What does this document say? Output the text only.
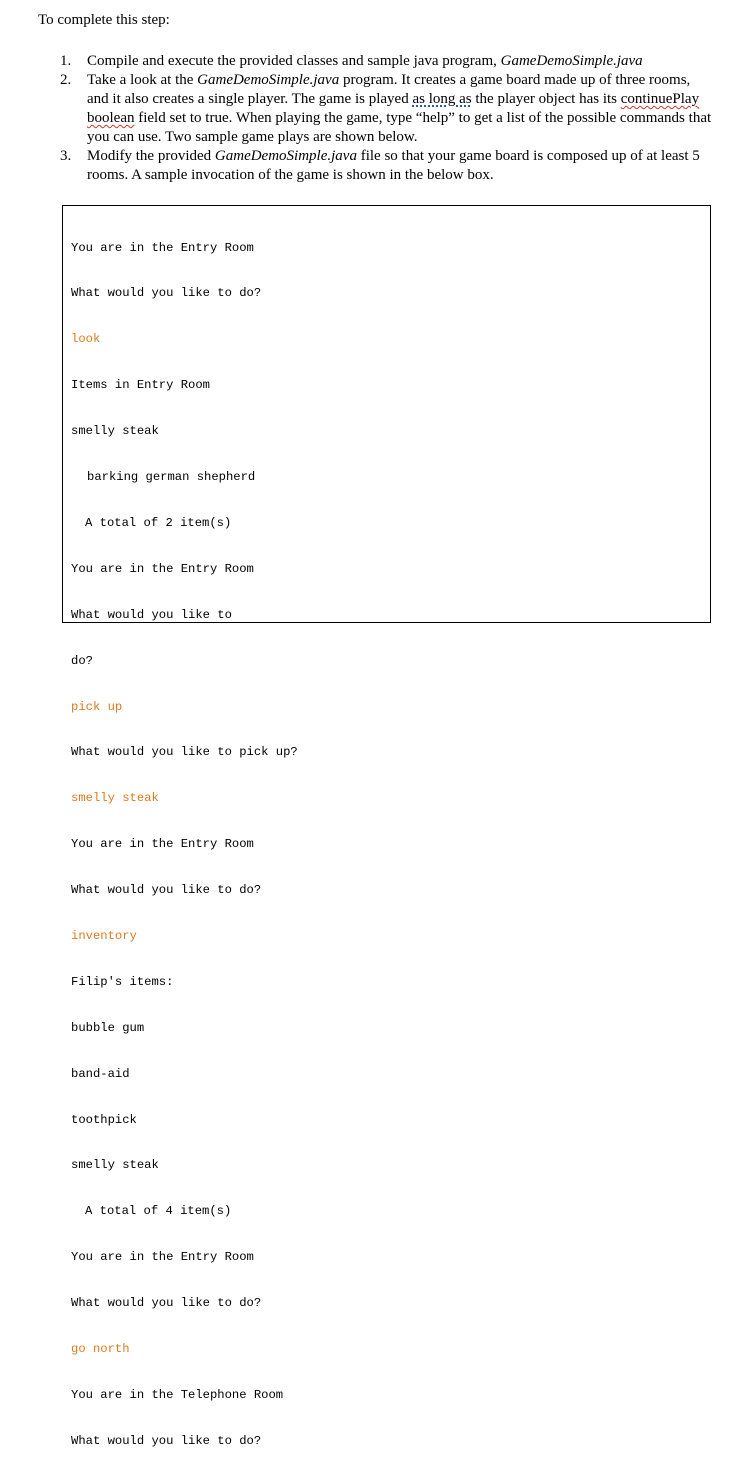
To complete this step:
1. Compile and execute the provided classes and sample java program, GameDemoSimple.java
2. Take a look at the GameDemoSimple.java program. It creates a game board made up of three rooms, and it also creates a single player. The game is played as long as the player object has its continuePlay boolean field set to true. When playing the game, type “help” to get a list of the possible commands that you can use. Two sample game plays are shown below.
3. Modify the provided GameDemoSimple.java file so that your game board is composed up of at least 5 rooms. A sample invocation of the game is shown in the below box.

You are in the Entry Room

What would you like to do?

look

Items in Entry Room

smelly steak

barking german shepherd

A total of 2 item(s)

You are in the Entry Room

What would you like to

do?

pick up

What would you like to pick up?

smelly steak

You are in the Entry Room

What would you like to do?

inventory

Filip's items:

bubble gum

band-aid

toothpick

smelly steak

A total of 4 item(s)

You are in the Entry Room

What would you like to do?

go north

You are in the Telephone Room

What would you like to do?
